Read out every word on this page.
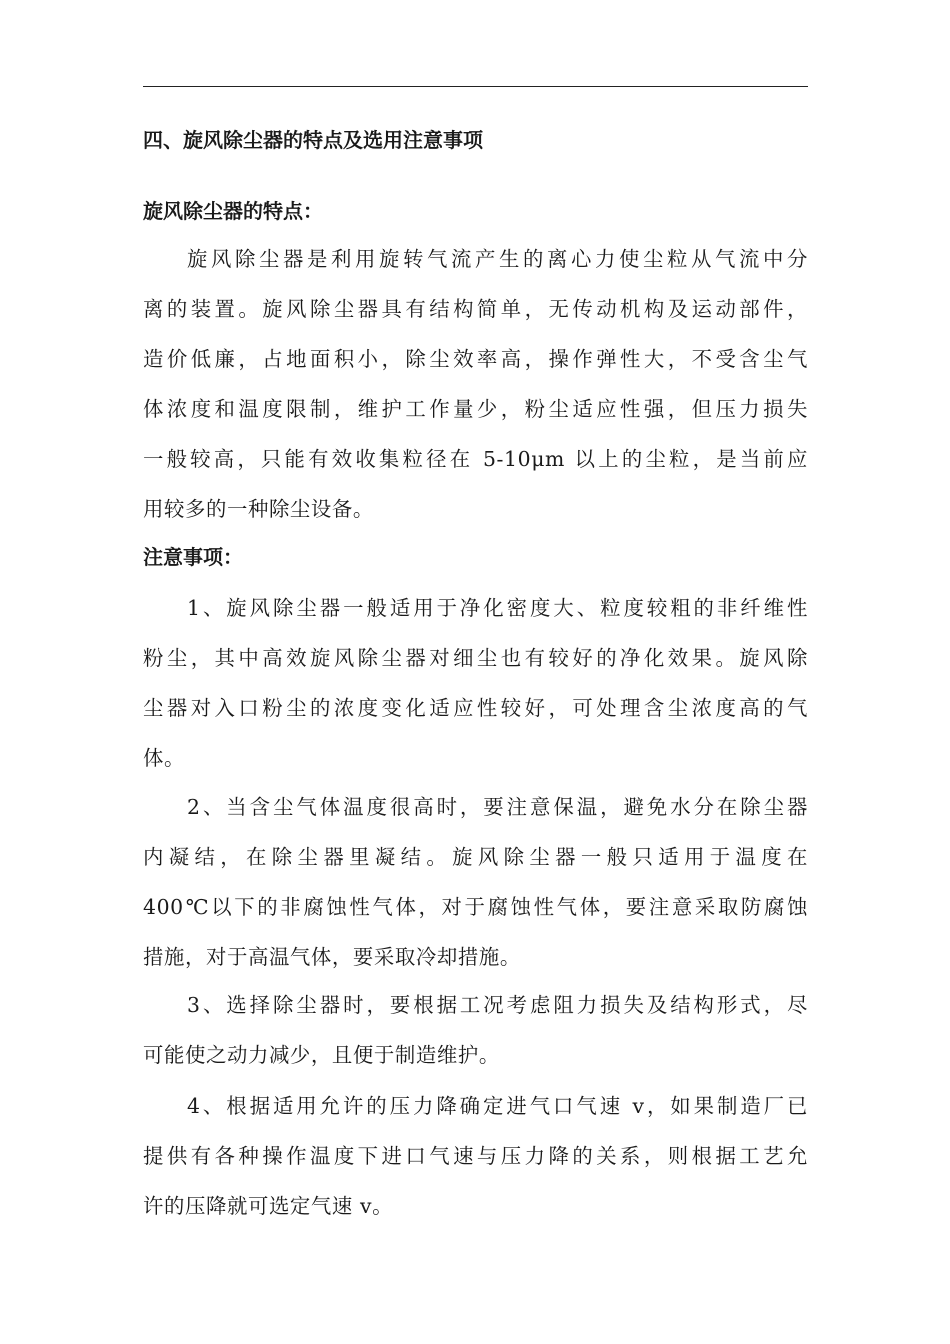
四、旋风除尘器的特点及选用注意事项
旋风除尘器的特点：
旋风除尘器是利用旋转气流产生的离心力使尘粒从气流中分
离的装置。旋风除尘器具有结构简单，无传动机构及运动部件，
造价低廉，占地面积小，除尘效率高，操作弹性大，不受含尘气
体浓度和温度限制，维护工作量少，粉尘适应性强，但压力损失
一般较高，只能有效收集粒径在 5-10μm 以上的尘粒，是当前应
用较多的一种除尘设备。
注意事项：
1、旋风除尘器一般适用于净化密度大、粒度较粗的非纤维性
粉尘，其中高效旋风除尘器对细尘也有较好的净化效果。旋风除
尘器对入口粉尘的浓度变化适应性较好，可处理含尘浓度高的气
体。
2、当含尘气体温度很高时，要注意保温，避免水分在除尘器
内凝结，在除尘器里凝结。旋风除尘器一般只适用于温度在
400℃以下的非腐蚀性气体，对于腐蚀性气体，要注意采取防腐蚀
措施，对于高温气体，要采取冷却措施。
3、选择除尘器时，要根据工况考虑阻力损失及结构形式，尽
可能使之动力减少，且便于制造维护。
4、根据适用允许的压力降确定进气口气速 v，如果制造厂已
提供有各种操作温度下进口气速与压力降的关系，则根据工艺允
许的压降就可选定气速 v。
